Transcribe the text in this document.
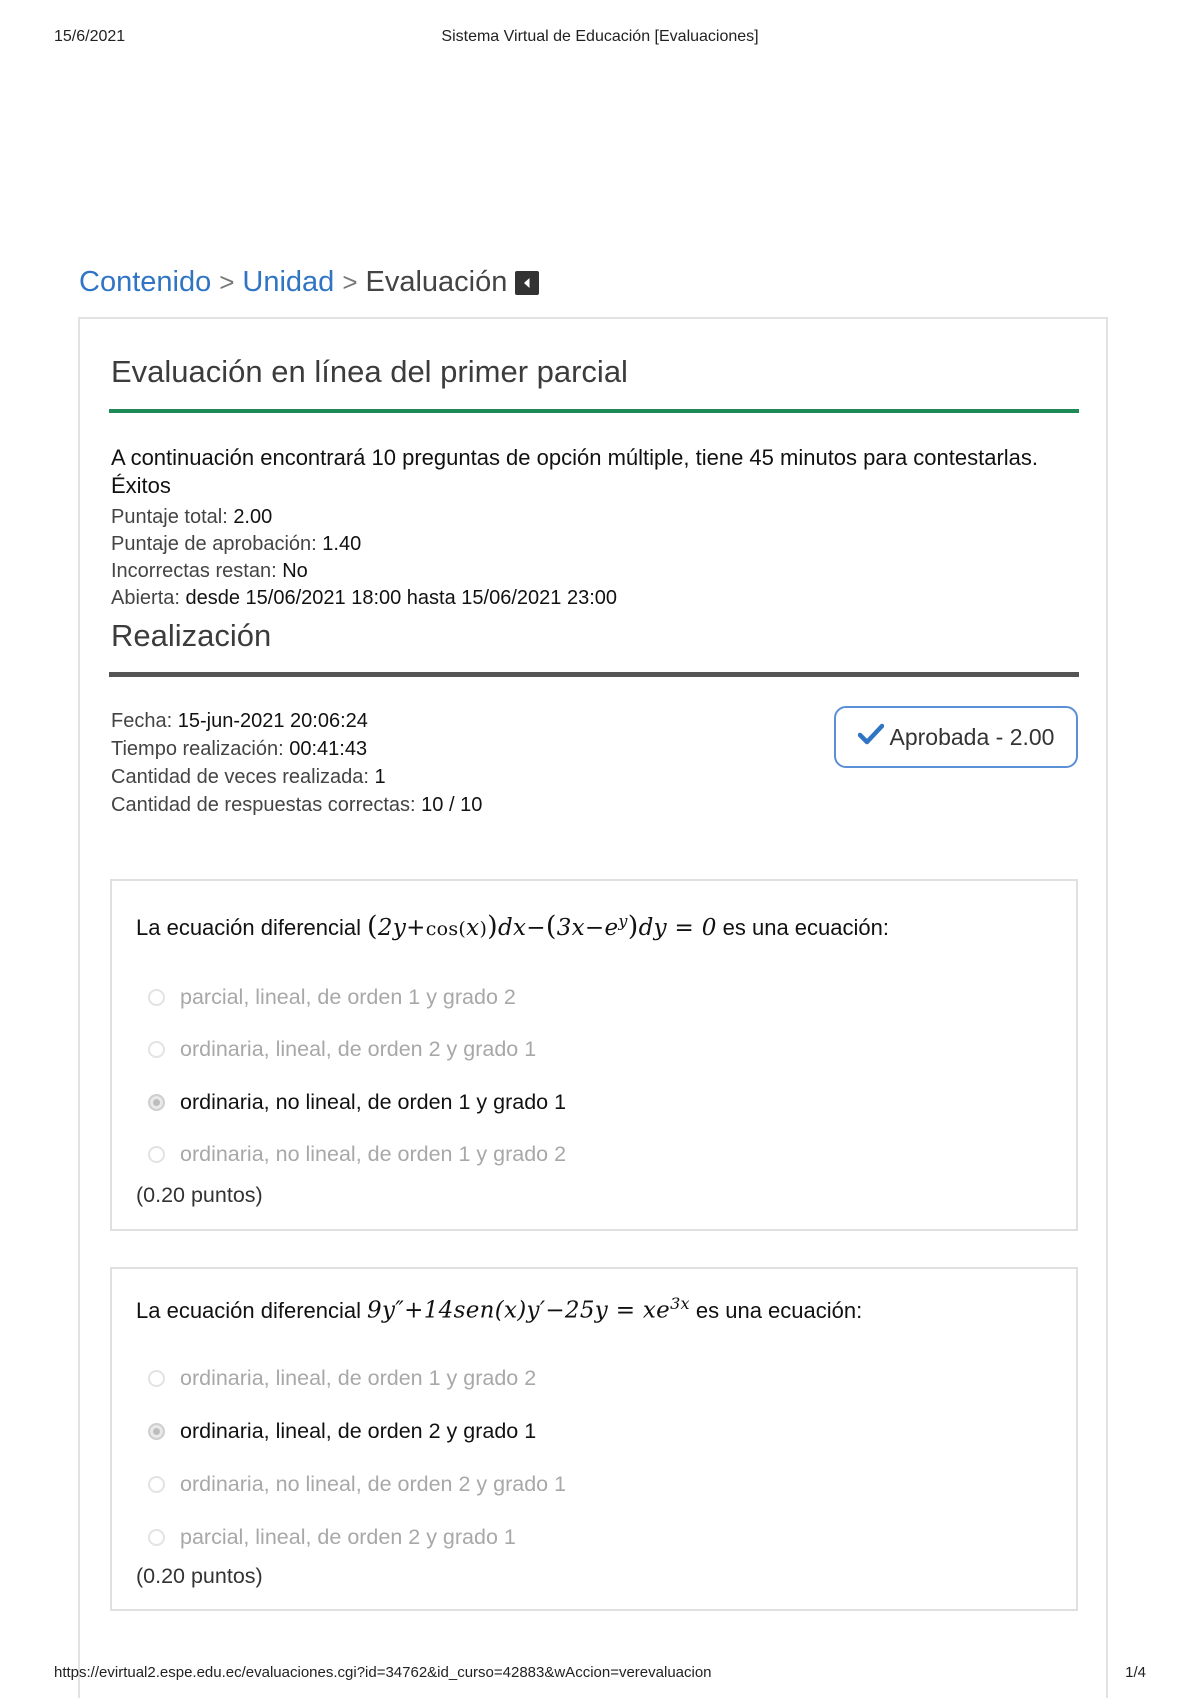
15/6/2021	Sistema Virtual de Educación [Evaluaciones]
Contenido > Unidad > Evaluación
Evaluación en línea del primer parcial
A continuación encontrará 10 preguntas de opción múltiple, tiene 45 minutos para contestarlas. Éxitos
Puntaje total: 2.00
Puntaje de aprobación: 1.40
Incorrectas restan: No
Abierta: desde 15/06/2021 18:00 hasta 15/06/2021 23:00
Realización
Fecha: 15-jun-2021 20:06:24
Tiempo realización: 00:41:43
Cantidad de veces realizada: 1
Cantidad de respuestas correctas: 10 / 10
Aprobada - 2.00
La ecuación diferencial $(2y+\cos(x))dx-(3x-e^y)dy = 0$ es una ecuación:
parcial, lineal, de orden 1 y grado 2
ordinaria, lineal, de orden 2 y grado 1
ordinaria, no lineal, de orden 1 y grado 1
ordinaria, no lineal, de orden 1 y grado 2
(0.20 puntos)
La ecuación diferencial $9y''+14sen(x)y'-25y = xe^{3x}$ es una ecuación:
ordinaria, lineal, de orden 1 y grado 2
ordinaria, lineal, de orden 2 y grado 1
ordinaria, no lineal, de orden 2 y grado 1
parcial, lineal, de orden 2 y grado 1
(0.20 puntos)
https://evirtual2.espe.edu.ec/evaluaciones.cgi?id=34762&id_curso=42883&wAccion=verevaluacion	1/4
